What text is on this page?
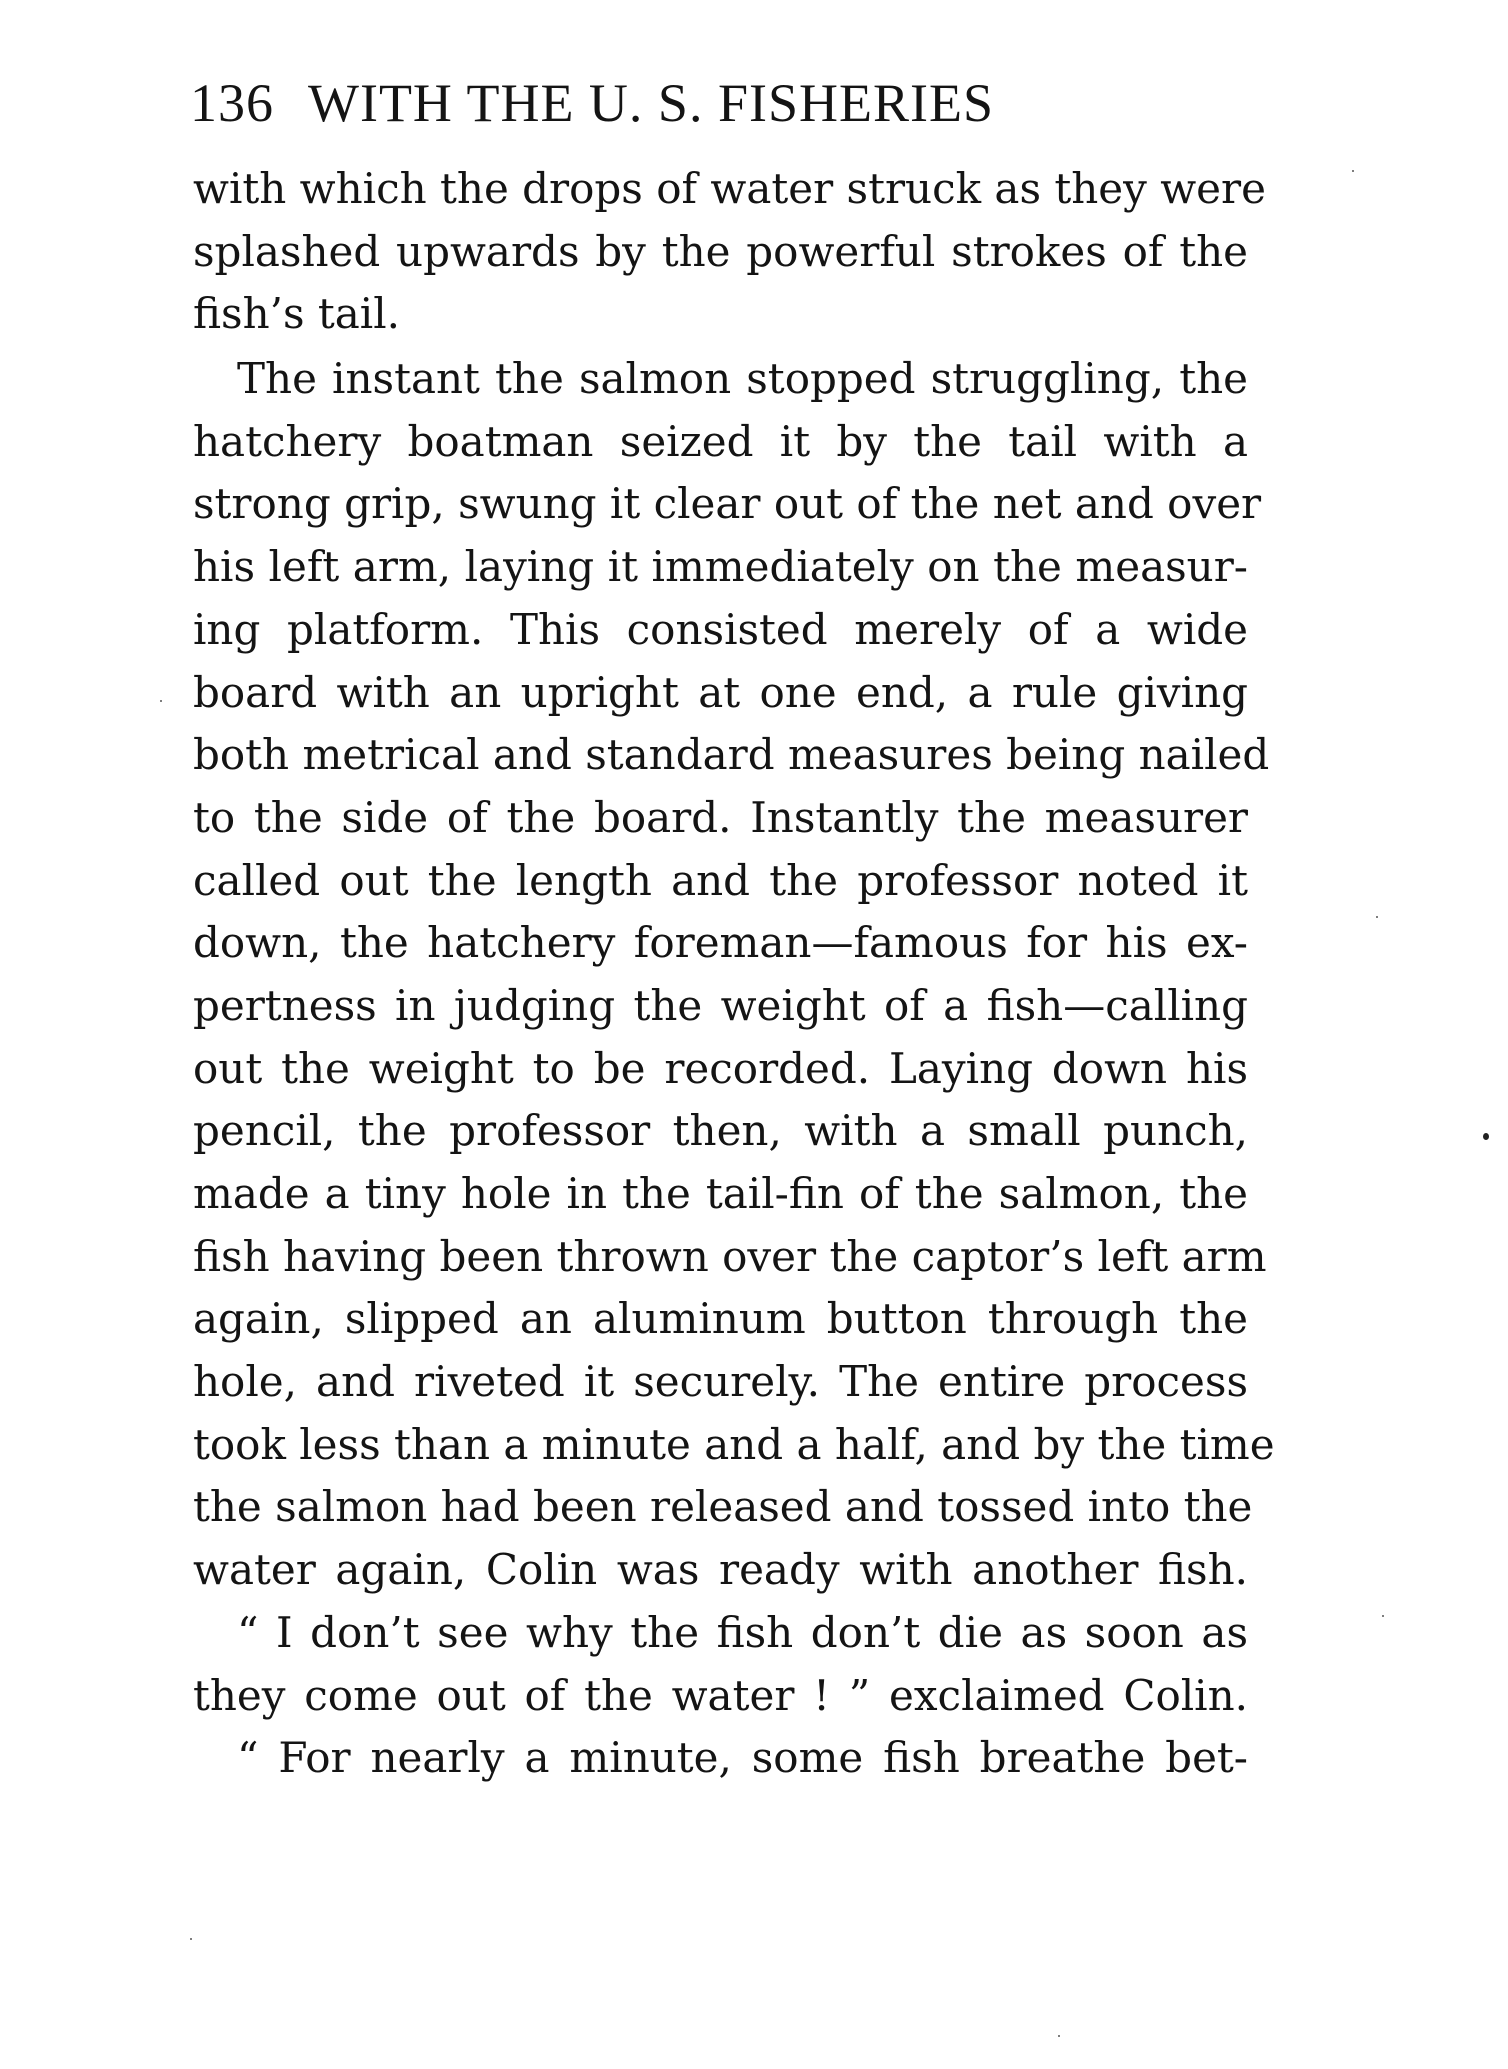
136 WITH THE U. S. FISHERIES
with which the drops of water struck as they were
splashed upwards by the powerful strokes of the
fish’s tail.
The instant the salmon stopped struggling, the
hatchery boatman seized it by the tail with a
strong grip, swung it clear out of the net and over
his left arm, laying it immediately on the measur-
ing platform. This consisted merely of a wide
board with an upright at one end, a rule giving
both metrical and standard measures being nailed
to the side of the board. Instantly the measurer
called out the length and the professor noted it
down, the hatchery foreman—famous for his ex-
pertness in judging the weight of a fish—calling
out the weight to be recorded. Laying down his
pencil, the professor then, with a small punch,
made a tiny hole in the tail-fin of the salmon, the
fish having been thrown over the captor’s left arm
again, slipped an aluminum button through the
hole, and riveted it securely. The entire process
took less than a minute and a half, and by the time
the salmon had been released and tossed into the
water again, Colin was ready with another fish.
“ I don’t see why the fish don’t die as soon as
they come out of the water ! ” exclaimed Colin.
“ For nearly a minute, some fish breathe bet-
